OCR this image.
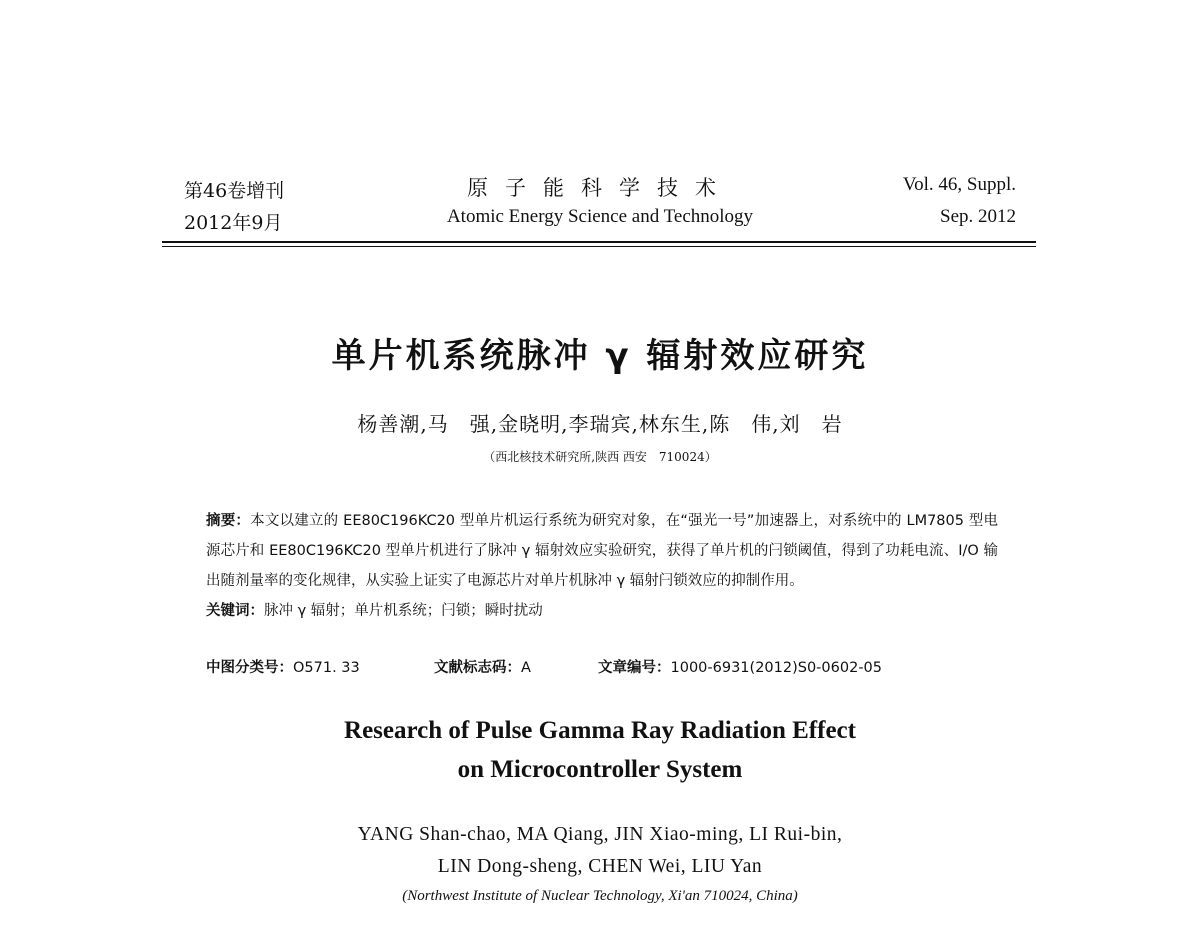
第46卷增刊
2012年9月
原子能科学技术
Atomic Energy Science and Technology
Vol. 46, Suppl.
Sep. 2012
单片机系统脉冲 γ 辐射效应研究
杨善潮,马　强,金晓明,李瑞宾,林东生,陈　伟,刘　岩
（西北核技术研究所,陕西 西安　710024）
摘要：本文以建立的 EE80C196KC20 型单片机运行系统为研究对象，在“强光一号”加速器上，对系统中的 LM7805 型电源芯片和 EE80C196KC20 型单片机进行了脉冲 γ 辐射效应实验研究，获得了单片机的闩锁阈值，得到了功耗电流、I/O 输出随剂量率的变化规律，从实验上证实了电源芯片对单片机脉冲 γ 辐射闩锁效应的抑制作用。
关键词：脉冲 γ 辐射；单片机系统；闩锁；瞬时扰动
中图分类号：O571. 33	文献标志码：A	文章编号：1000-6931(2012)S0-0602-05
Research of Pulse Gamma Ray Radiation Effect
on Microcontroller System
YANG Shan-chao, MA Qiang, JIN Xiao-ming, LI Rui-bin,
LIN Dong-sheng, CHEN Wei, LIU Yan
(Northwest Institute of Nuclear Technology, Xi'an 710024, China)
